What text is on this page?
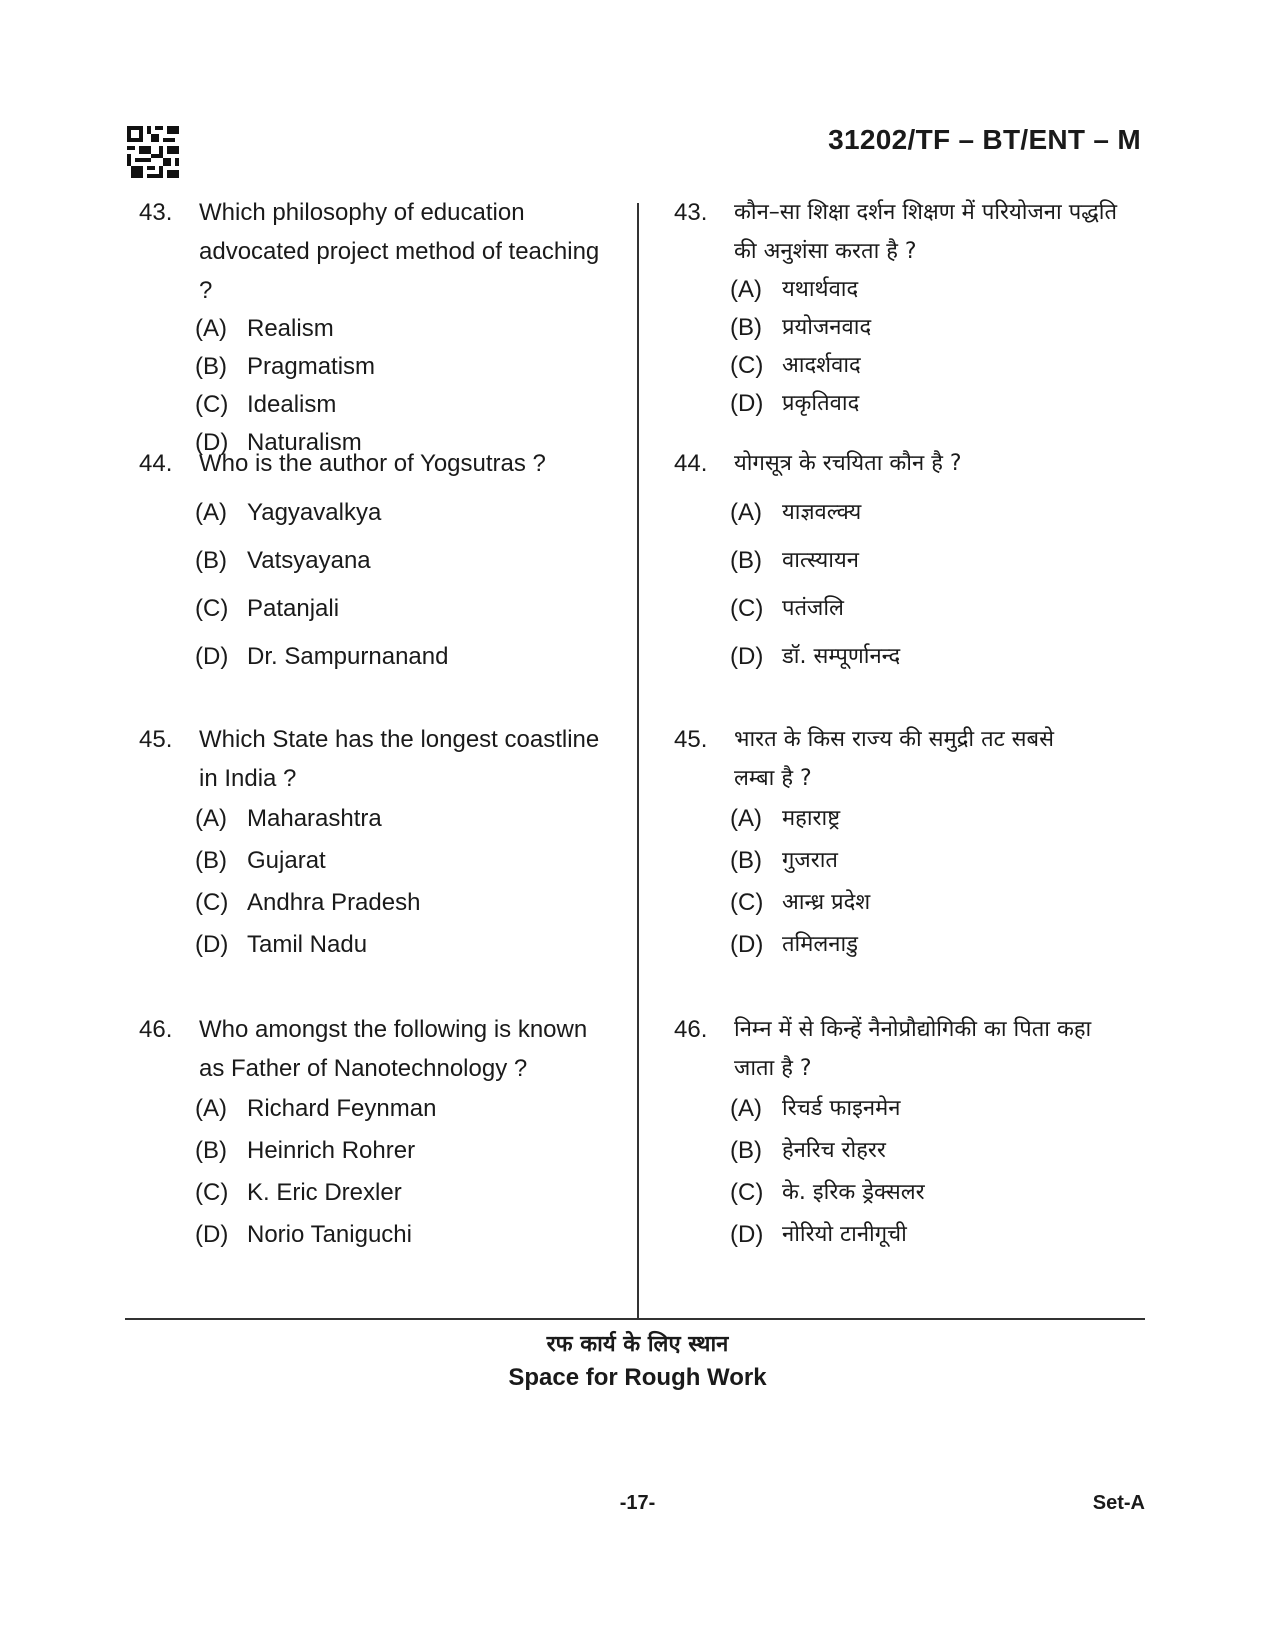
31202/TF – BT/ENT – M
43.	Which philosophy of education
advocated project method of teaching ?
(A) Realism
(B) Pragmatism
(C) Idealism
(D) Naturalism
44.	Who is the author of Yogsutras ?
(A) Yagyavalkya
(B) Vatsyayana
(C) Patanjali
(D) Dr. Sampurnanand
45.	Which State has the longest coastline
in India ?
(A) Maharashtra
(B) Gujarat
(C) Andhra Pradesh
(D) Tamil Nadu
46.	Who amongst the following is known
as Father of Nanotechnology ?
(A) Richard Feynman
(B) Heinrich Rohrer
(C) K. Eric Drexler
(D) Norio Taniguchi
43.	कौन–सा शिक्षा दर्शन शिक्षण में परियोजना पद्धति
की अनुशंसा करता है ?
(A) यथार्थवाद
(B) प्रयोजनवाद
(C) आदर्शवाद
(D) प्रकृतिवाद
44.	योगसूत्र के रचयिता कौन है ?
(A) याज्ञवल्क्य
(B) वात्स्यायन
(C) पतंजलि
(D) डॉ. सम्पूर्णानन्द
45.	भारत के किस राज्य की समुद्री तट सबसे
लम्बा है ?
(A) महाराष्ट्र
(B) गुजरात
(C) आन्ध्र प्रदेश
(D) तमिलनाडु
46.	निम्न में से किन्हें नैनोप्रौद्योगिकी का पिता कहा
जाता है ?
(A) रिचर्ड फाइनमेन
(B) हेनरिच रोहरर
(C) के. इरिक ड्रेक्सलर
(D) नोरियो टानीगूची
रफ कार्य के लिए स्थान
Space for Rough Work
-17-	Set-A
